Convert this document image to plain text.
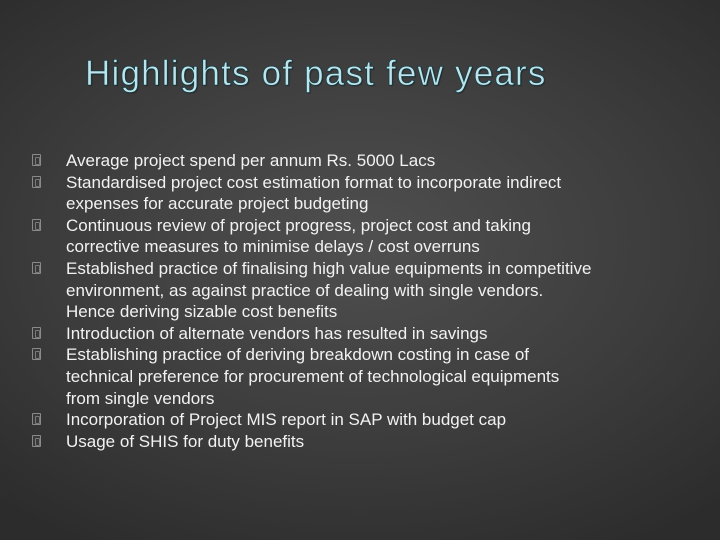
Highlights of past few years
Average project spend per annum Rs. 5000 Lacs
Standardised project cost estimation format to incorporate indirect
expenses for accurate project budgeting
Continuous review of project progress, project cost and taking
corrective measures to minimise delays / cost overruns
Established practice of finalising high value equipments in competitive
environment, as against practice of dealing with single vendors.
Hence deriving sizable cost benefits
Introduction of alternate vendors has resulted in savings
Establishing practice of deriving breakdown costing in case of
technical preference for procurement of technological equipments
from single vendors
Incorporation of Project MIS report in SAP with budget cap
Usage of SHIS for duty benefits
